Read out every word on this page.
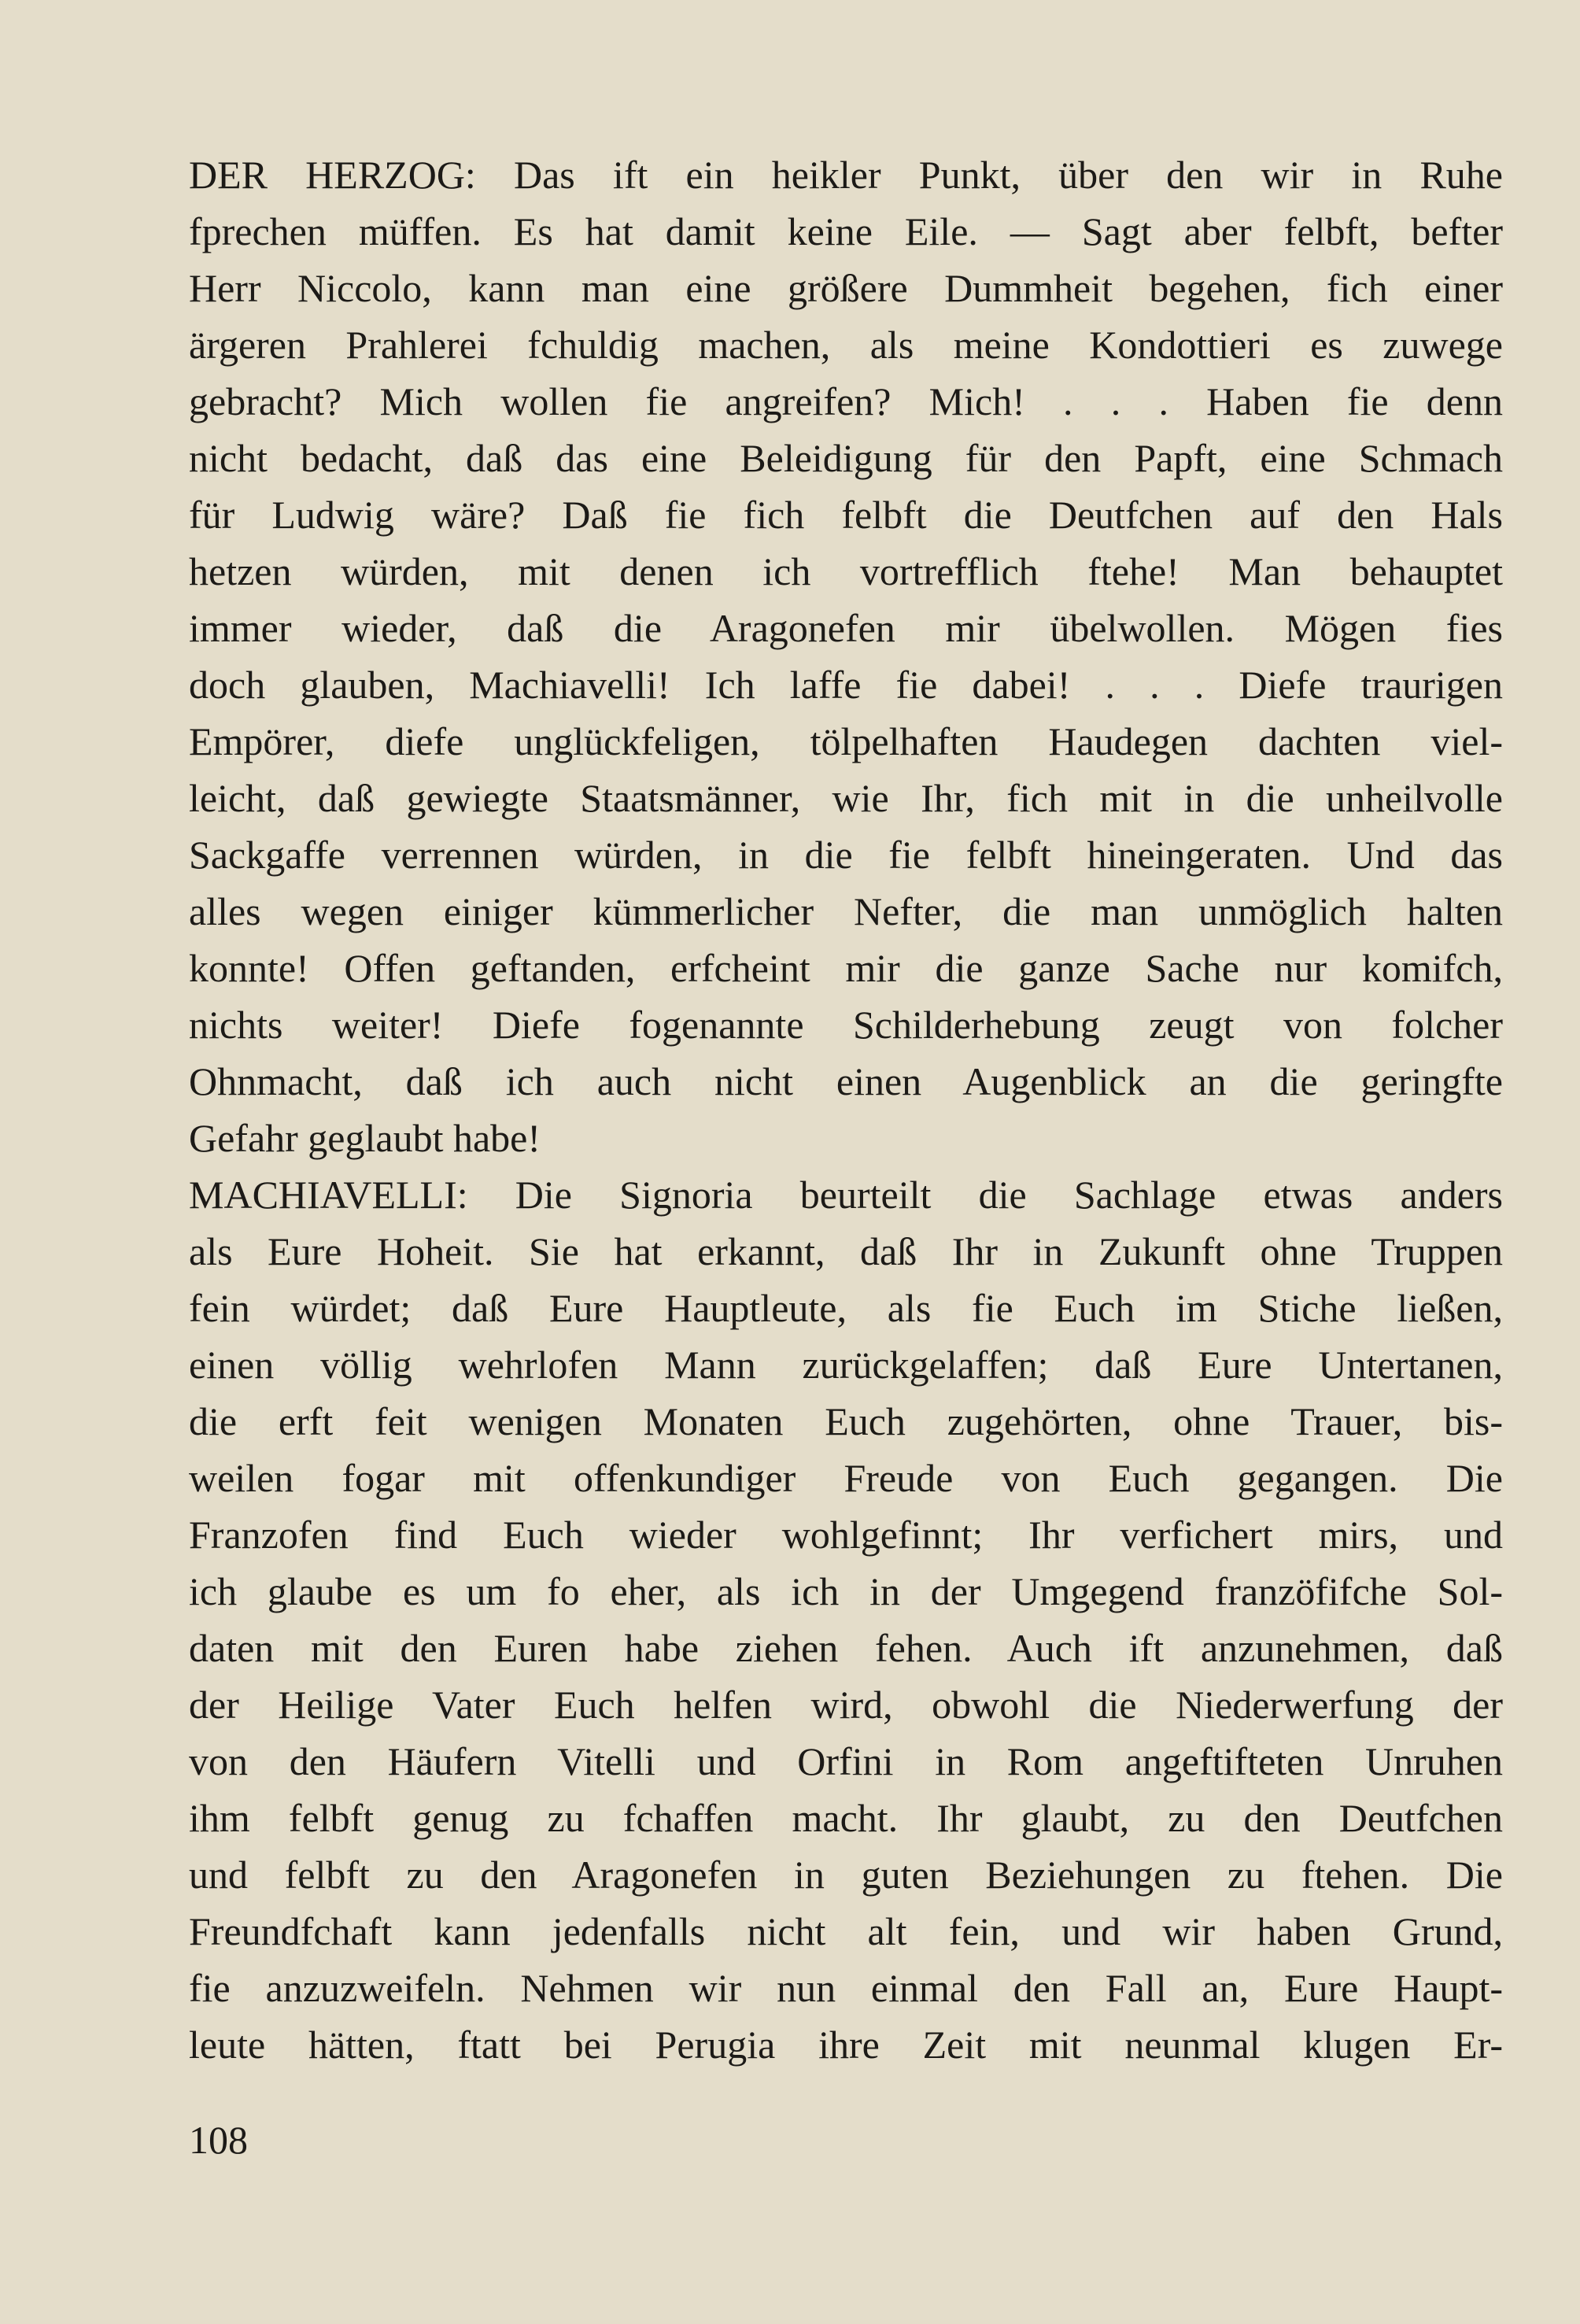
DER HERZOG: Das ift ein heikler Punkt, über den wir in Ruhe
fprechen müffen. Es hat damit keine Eile. — Sagt aber felbft, befter
Herr Niccolo, kann man eine größere Dummheit begehen, fich einer
ärgeren Prahlerei fchuldig machen, als meine Kondottieri es zuwege
gebracht? Mich wollen fie angreifen? Mich! . . . Haben fie denn
nicht bedacht, daß das eine Beleidigung für den Papft, eine Schmach
für Ludwig wäre? Daß fie fich felbft die Deutfchen auf den Hals
hetzen würden, mit denen ich vortrefflich ftehe! Man behauptet
immer wieder, daß die Aragonefen mir übelwollen. Mögen fies
doch glauben, Machiavelli! Ich laffe fie dabei! . . . Diefe traurigen
Empörer, diefe unglückfeligen, tölpelhaften Haudegen dachten viel-
leicht, daß gewiegte Staatsmänner, wie Ihr, fich mit in die unheilvolle
Sackgaffe verrennen würden, in die fie felbft hineingeraten. Und das
alles wegen einiger kümmerlicher Nefter, die man unmöglich halten
konnte! Offen geftanden, erfcheint mir die ganze Sache nur komifch,
nichts weiter! Diefe fogenannte Schilderhebung zeugt von folcher
Ohnmacht, daß ich auch nicht einen Augenblick an die geringfte
Gefahr geglaubt habe!
MACHIAVELLI: Die Signoria beurteilt die Sachlage etwas anders
als Eure Hoheit. Sie hat erkannt, daß Ihr in Zukunft ohne Truppen
fein würdet; daß Eure Hauptleute, als fie Euch im Stiche ließen,
einen völlig wehrlofen Mann zurückgelaffen; daß Eure Untertanen,
die erft feit wenigen Monaten Euch zugehörten, ohne Trauer, bis-
weilen fogar mit offenkundiger Freude von Euch gegangen. Die
Franzofen find Euch wieder wohlgefinnt; Ihr verfichert mirs, und
ich glaube es um fo eher, als ich in der Umgegend franzöfifche Sol-
daten mit den Euren habe ziehen fehen. Auch ift anzunehmen, daß
der Heilige Vater Euch helfen wird, obwohl die Niederwerfung der
von den Häufern Vitelli und Orfini in Rom angeftifteten Unruhen
ihm felbft genug zu fchaffen macht. Ihr glaubt, zu den Deutfchen
und felbft zu den Aragonefen in guten Beziehungen zu ftehen. Die
Freundfchaft kann jedenfalls nicht alt fein, und wir haben Grund,
fie anzuzweifeln. Nehmen wir nun einmal den Fall an, Eure Haupt-
leute hätten, ftatt bei Perugia ihre Zeit mit neunmal klugen Er-
108
